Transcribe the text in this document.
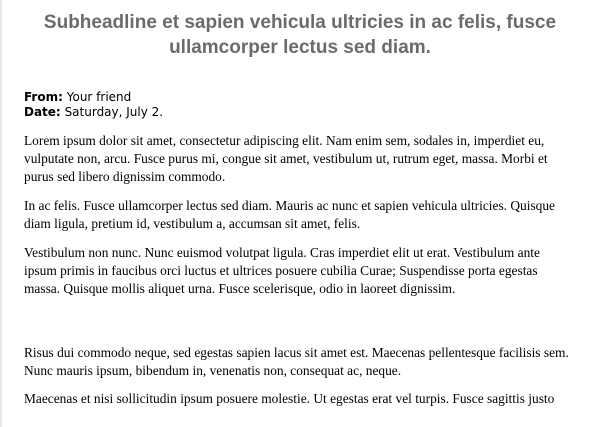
Subheadline et sapien vehicula ultricies in ac felis, fusce ullamcorper lectus sed diam.
From: Your friend
Date: Saturday, July 2.

Lorem ipsum dolor sit amet, consectetur adipiscing elit. Nam enim sem, sodales in, imperdiet eu, vulputate non, arcu. Fusce purus mi, congue sit amet, vestibulum ut, rutrum eget, massa. Morbi et purus sed libero dignissim commodo.

In ac felis. Fusce ullamcorper lectus sed diam. Mauris ac nunc et sapien vehicula ultricies. Quisque diam ligula, pretium id, vestibulum a, accumsan sit amet, felis.

Vestibulum non nunc. Nunc euismod volutpat ligula. Cras imperdiet elit ut erat. Vestibulum ante ipsum primis in faucibus orci luctus et ultrices posuere cubilia Curae; Suspendisse porta egestas massa. Quisque mollis aliquet urna. Fusce scelerisque, odio in laoreet dignissim.

Risus dui commodo neque, sed egestas sapien lacus sit amet est. Maecenas pellentesque facilisis sem. Nunc mauris ipsum, bibendum in, venenatis non, consequat ac, neque.

Maecenas et nisi sollicitudin ipsum posuere molestie. Ut egestas erat vel turpis. Fusce sagittis justo
